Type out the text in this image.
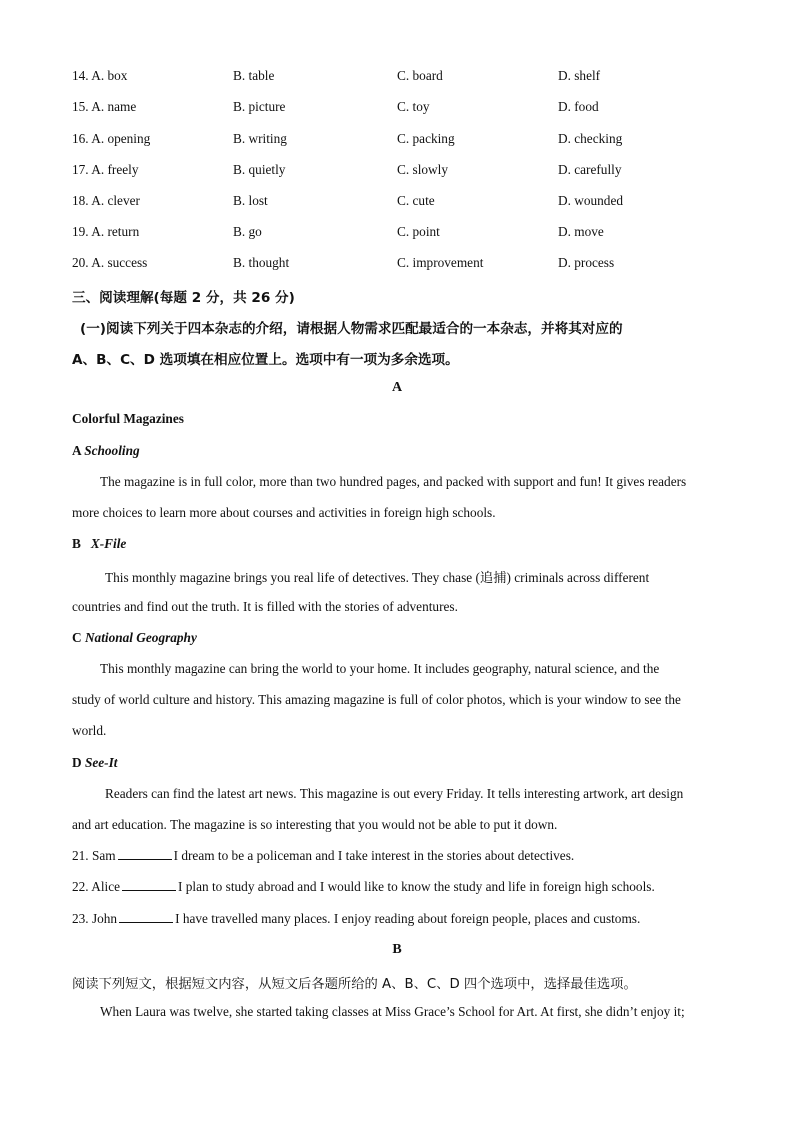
14. A. box	B. table	C. board	D. shelf
15. A. name	B. picture	C. toy	D. food
16. A. opening	B. writing	C. packing	D. checking
17. A. freely	B. quietly	C. slowly	D. carefully
18. A. clever	B. lost	C. cute	D. wounded
19. A. return	B. go	C. point	D. move
20. A. success	B. thought	C. improvement	D. process
三、阅读理解(每题 2 分，共 26 分)
(一)阅读下列关于四本杂志的介绍，请根据人物需求匹配最适合的一本杂志，并将其对应的
A、B、C、D 选项填在相应位置上。选项中有一项为多余选项。
A
Colorful Magazines
A Schooling
The magazine is in full color, more than two hundred pages, and packed with support and fun! It gives readers
more choices to learn more about courses and activities in foreign high schools.
B   X-File
This monthly magazine brings you real life of detectives. They chase (追捕) criminals across different
countries and find out the truth. It is filled with the stories of adventures.
C National Geography
This monthly magazine can bring the world to your home. It includes geography, natural science, and the
study of world culture and history. This amazing magazine is full of color photos, which is your window to see the
world.
D See-It
Readers can find the latest art news. This magazine is out every Friday. It tells interesting artwork, art design
and art education. The magazine is so interesting that you would not be able to put it down.
21. Sam	I dream to be a policeman and I take interest in the stories about detectives.
22. Alice	I plan to study abroad and I would like to know the study and life in foreign high schools.
23. John	I have travelled many places. I enjoy reading about foreign people, places and customs.
B
阅读下列短文，根据短文内容，从短文后各题所给的 A、B、C、D 四个选项中，选择最佳选项。
When Laura was twelve, she started taking classes at Miss Grace’s School for Art. At first, she didn’t enjoy it;
